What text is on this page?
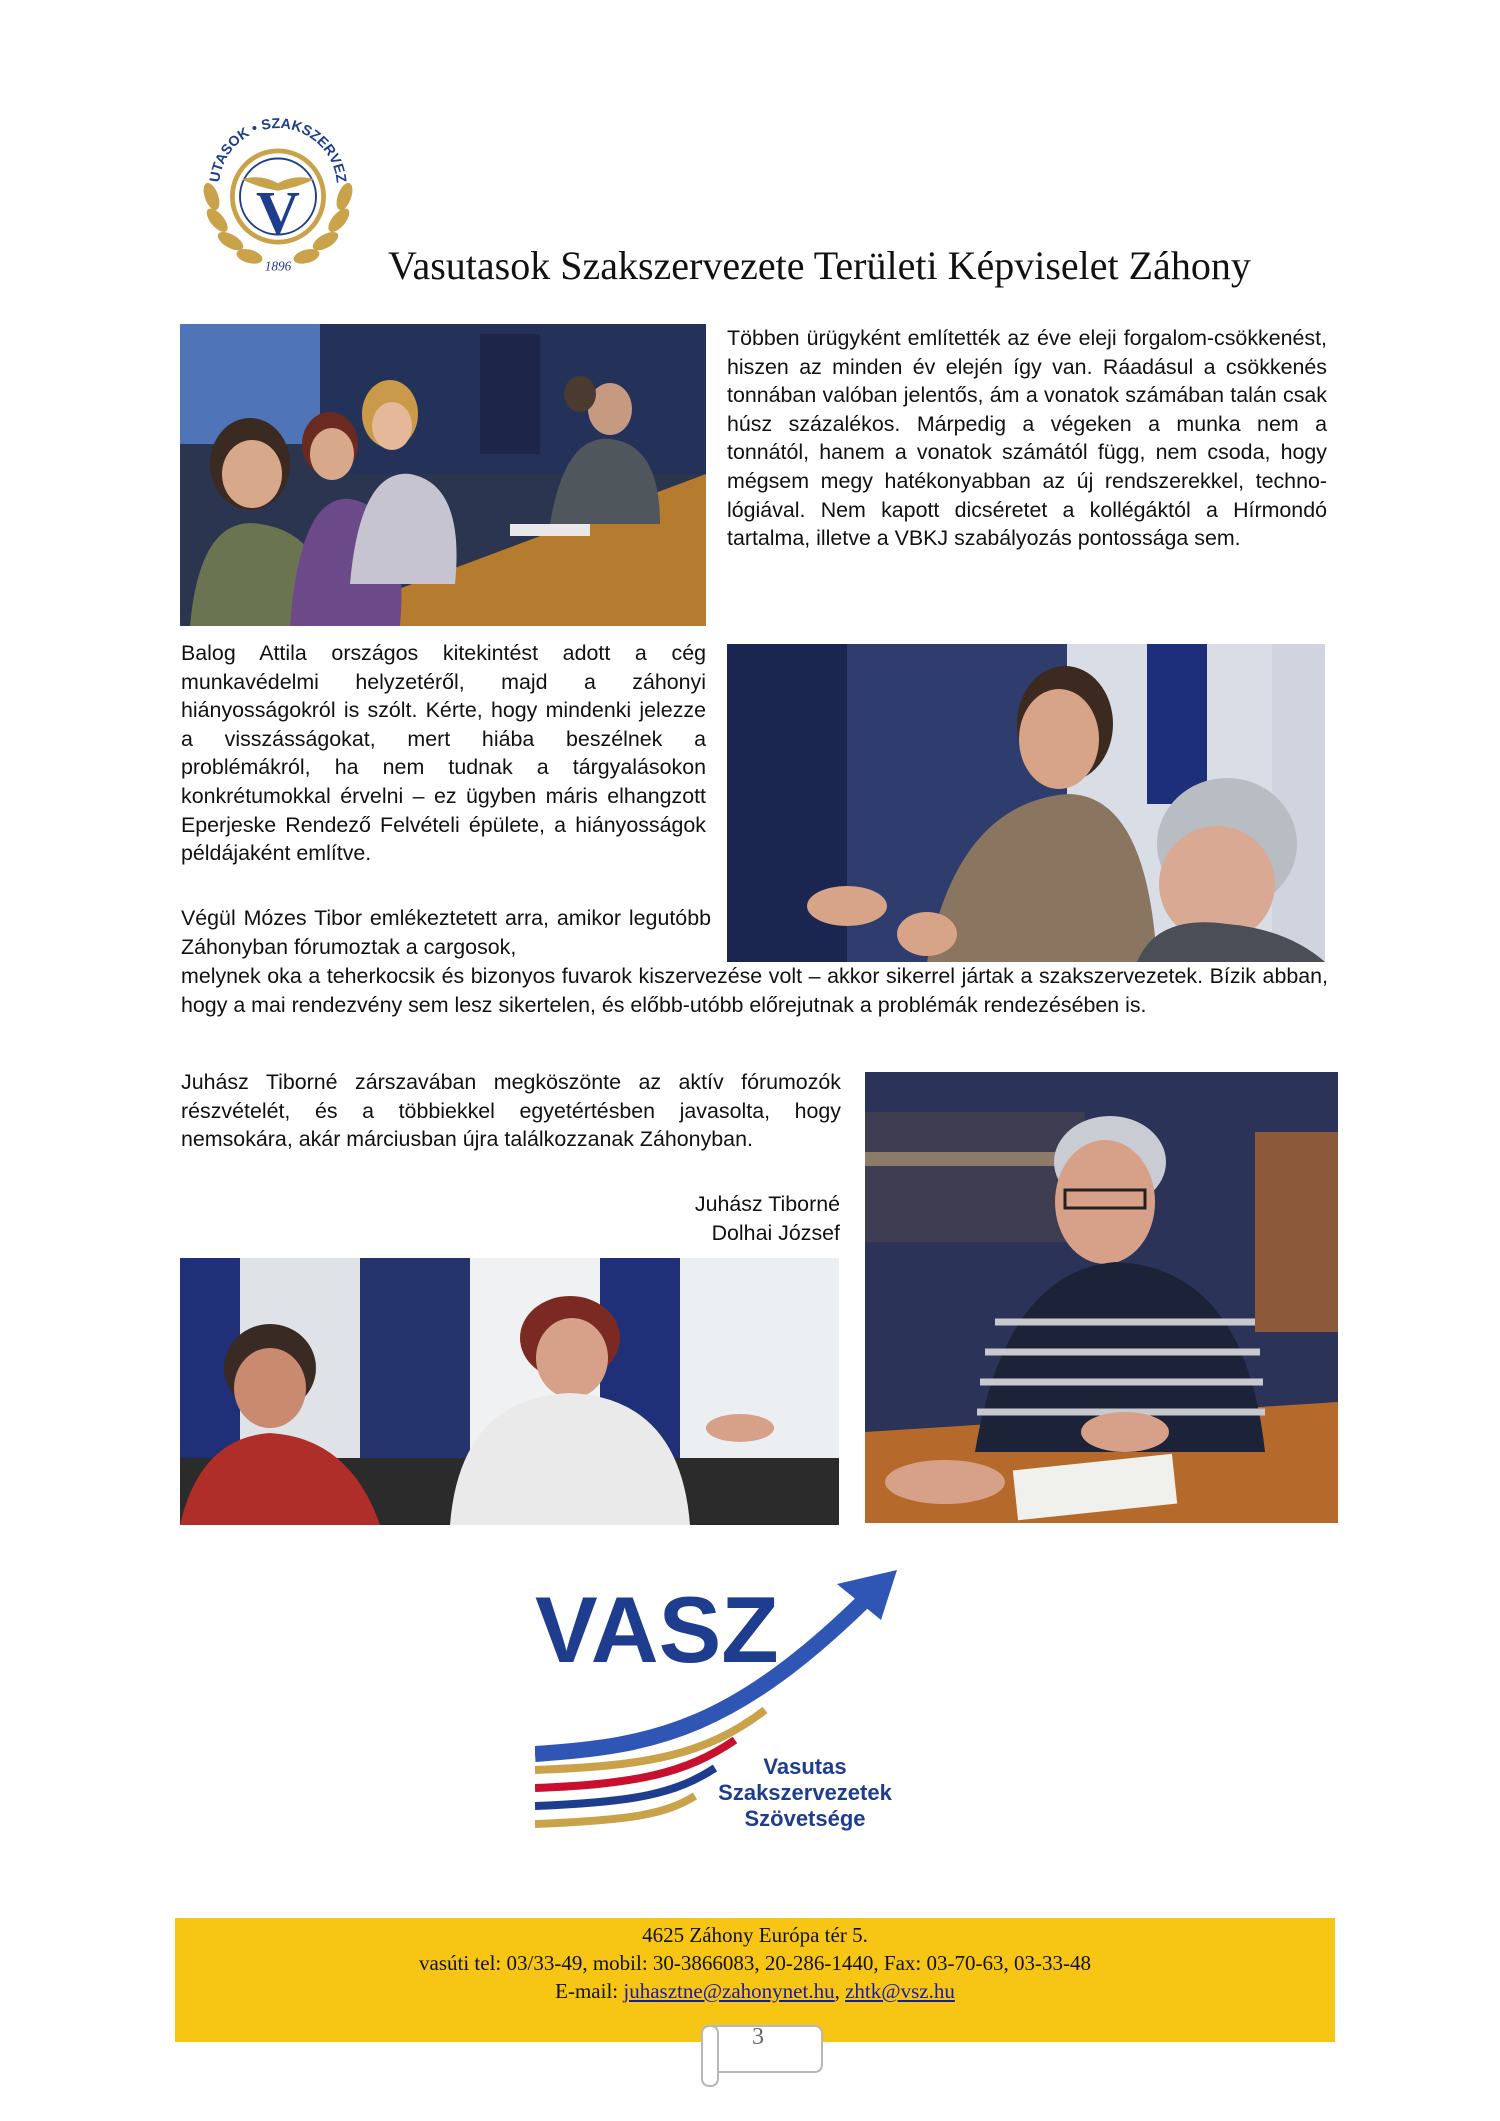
V
UTASOK • SZAKSZERVEZ
1896 Vasutasok Szakszervezete Területi Képviselet Záhony

Többen ürügyként említették az éve eleji forgalom-csökkenést, hiszen az minden év elején így van. Ráadásul a csökkenés tonnában valóban jelentős, ám a vonatok számában talán csak húsz százalékos. Márpedig a végeken a munka nem a tonnától, hanem a vonatok számától függ, nem csoda, hogy mégsem megy hatékonyabban az új rendszerekkel, techno-lógiával. Nem kapott dicséretet a kollégáktól a Hírmondó tartalma, illetve a VBKJ szabályozás pontossága sem.

Balog Attila országos kitekintést adott a cég munkavédelmi helyzetéről, majd a záhonyi hiányosságokról is szólt. Kérte, hogy mindenki jelezze a visszásságokat, mert hiába beszélnek a problémákról, ha nem tudnak a tárgyalásokon konkrétumokkal érvelni – ez ügyben máris elhangzott Eperjeske Rendező Felvételi épülete, a hiányosságok példájaként említve.

Végül Mózes Tibor emlékeztetett arra, amikor legutóbb Záhonyban fórumoztak a cargosok,

melynek oka a teherkocsik és bizonyos fuvarok kiszervezése volt – akkor sikerrel jártak a szakszervezetek. Bízik abban, hogy a mai rendezvény sem lesz sikertelen, és előbb-utóbb előrejutnak a problémák rendezésében is.

Juhász Tiborné zárszavában megköszönte az aktív fórumozók részvételét, és a többiekkel egyetértésben javasolta, hogy nemsokára, akár márciusban újra találkozzanak Záhonyban.

Juhász Tiborné
Dolhai József
VASZ
Vasutas
Szakszervezetek
Szövetsége
4625 Záhony Európa tér 5.
vasúti tel: 03/33-49, mobil: 30-3866083, 20-286-1440, Fax: 03-70-63, 03-33-48
E-mail: juhasztne@zahonynet.hu, zhtk@vsz.hu
3
